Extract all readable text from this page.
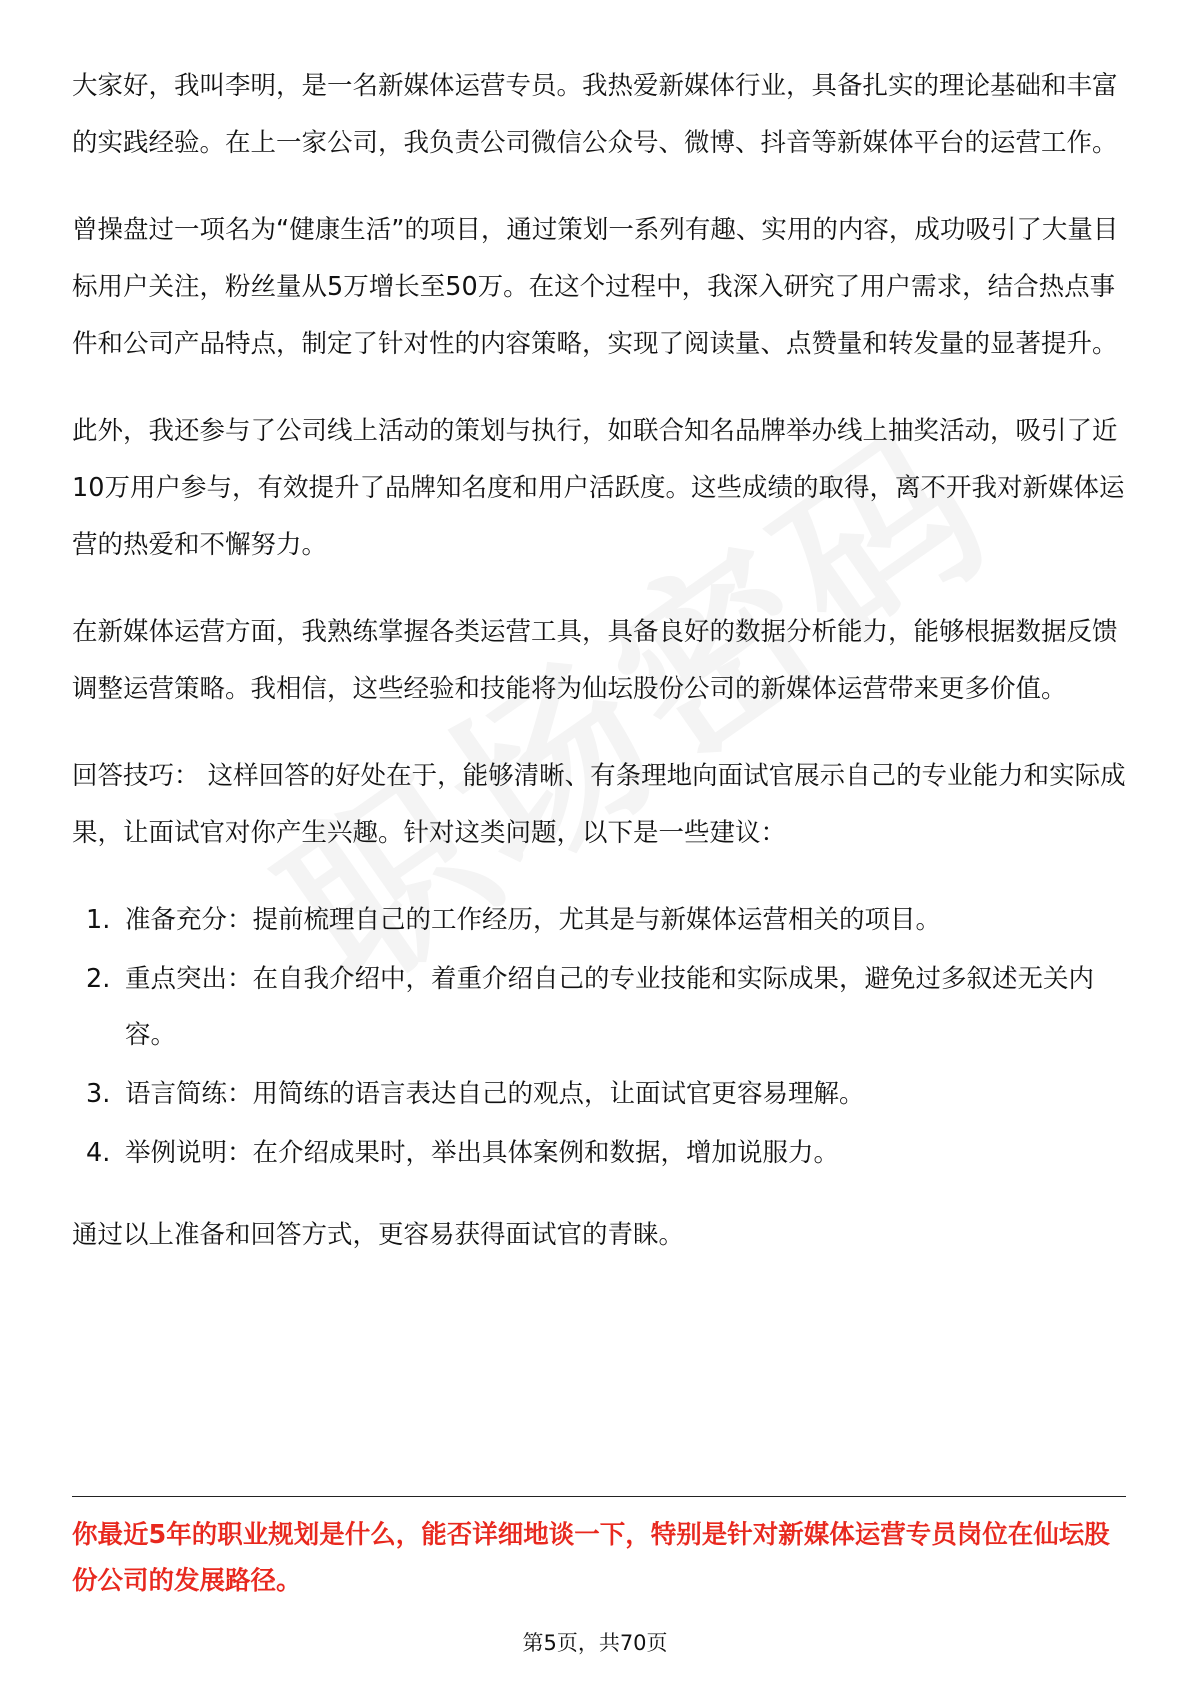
大家好，我叫李明，是一名新媒体运营专员。我热爱新媒体行业，具备扎实的理论基础和丰富的实践经验。在上一家公司，我负责公司微信公众号、微博、抖音等新媒体平台的运营工作。

曾操盘过一项名为“健康生活”的项目，通过策划一系列有趣、实用的内容，成功吸引了大量目标用户关注，粉丝量从5万增长至50万。在这个过程中，我深入研究了用户需求，结合热点事件和公司产品特点，制定了针对性的内容策略，实现了阅读量、点赞量和转发量的显著提升。

此外，我还参与了公司线上活动的策划与执行，如联合知名品牌举办线上抽奖活动，吸引了近10万用户参与，有效提升了品牌知名度和用户活跃度。这些成绩的取得，离不开我对新媒体运营的热爱和不懈努力。

在新媒体运营方面，我熟练掌握各类运营工具，具备良好的数据分析能力，能够根据数据反馈调整运营策略。我相信，这些经验和技能将为仙坛股份公司的新媒体运营带来更多价值。

回答技巧： 这样回答的好处在于，能够清晰、有条理地向面试官展示自己的专业能力和实际成果，让面试官对你产生兴趣。针对这类问题，以下是一些建议：

1. 准备充分：提前梳理自己的工作经历，尤其是与新媒体运营相关的项目。
2. 重点突出：在自我介绍中，着重介绍自己的专业技能和实际成果，避免过多叙述无关内容。
3. 语言简练：用简练的语言表达自己的观点，让面试官更容易理解。
4. 举例说明：在介绍成果时，举出具体案例和数据，增加说服力。

通过以上准备和回答方式，更容易获得面试官的青睐。

你最近5年的职业规划是什么，能否详细地谈一下，特别是针对新媒体运营专员岗位在仙坛股份公司的发展路径。
第5页，共70页
